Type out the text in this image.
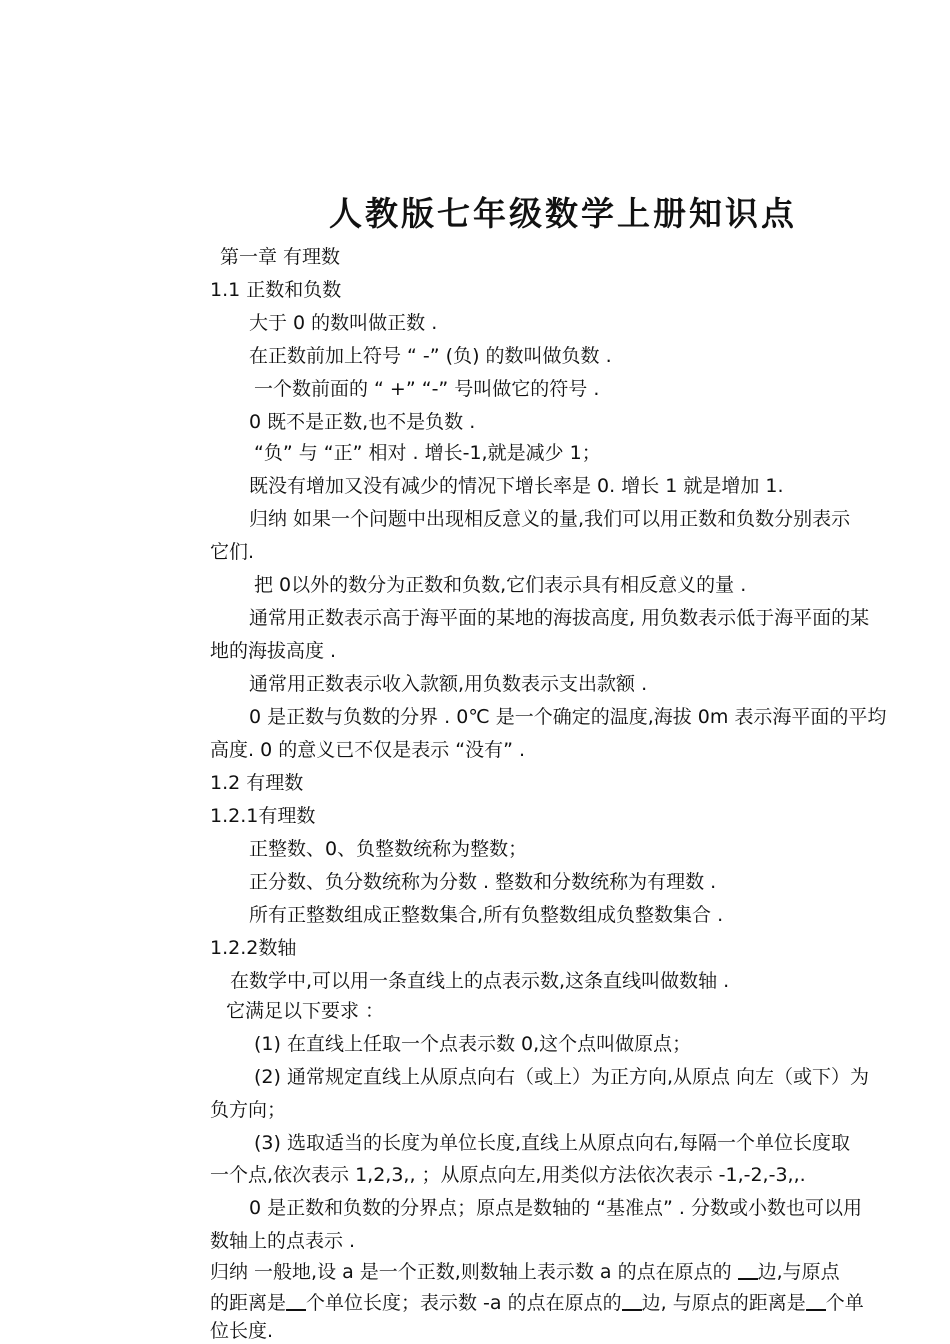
人教版七年级数学上册知识点
第一章 有理数
1.1 正数和负数
大于 0 的数叫做正数 .
在正数前加上符号 “ -” (负) 的数叫做负数 .
一个数前面的 “ +” “-” 号叫做它的符号 .
0 既不是正数,也不是负数 .
“负” 与 “正” 相对 . 增长-1,就是减少 1；
既没有增加又没有减少的情况下增长率是 0. 增长 1 就是增加 1.
归纳 如果一个问题中出现相反意义的量,我们可以用正数和负数分别表示
它们.
把 0以外的数分为正数和负数,它们表示具有相反意义的量 .
通常用正数表示高于海平面的某地的海拔高度, 用负数表示低于海平面的某
地的海拔高度 .
通常用正数表示收入款额,用负数表示支出款额 .
0 是正数与负数的分界 . 0℃ 是一个确定的温度,海拔 0m 表示海平面的平均
高度. 0 的意义已不仅是表示 “没有” .
1.2 有理数
1.2.1有理数
正整数、0、负整数统称为整数；
正分数、负分数统称为分数 . 整数和分数统称为有理数 .
所有正整数组成正整数集合,所有负整数组成负整数集合 .
1.2.2数轴
在数学中,可以用一条直线上的点表示数,这条直线叫做数轴 .
它满足以下要求 ：
(1) 在直线上任取一个点表示数 0,这个点叫做原点；
(2) 通常规定直线上从原点向右（或上）为正方向,从原点 向左（或下）为
负方向；
(3) 选取适当的长度为单位长度,直线上从原点向右,每隔一个单位长度取
一个点,依次表示 1,2,3,, ；从原点向左,用类似方法依次表示 -1,-2,-3,,.
0 是正数和负数的分界点；原点是数轴的 “基准点” . 分数或小数也可以用
数轴上的点表示 .
归纳 一般地,设 a 是一个正数,则数轴上表示数 a 的点在原点的 边,与原点
的距离是 个单位长度；表示数 -a 的点在原点的 边, 与原点的距离是 个单
位长度.
